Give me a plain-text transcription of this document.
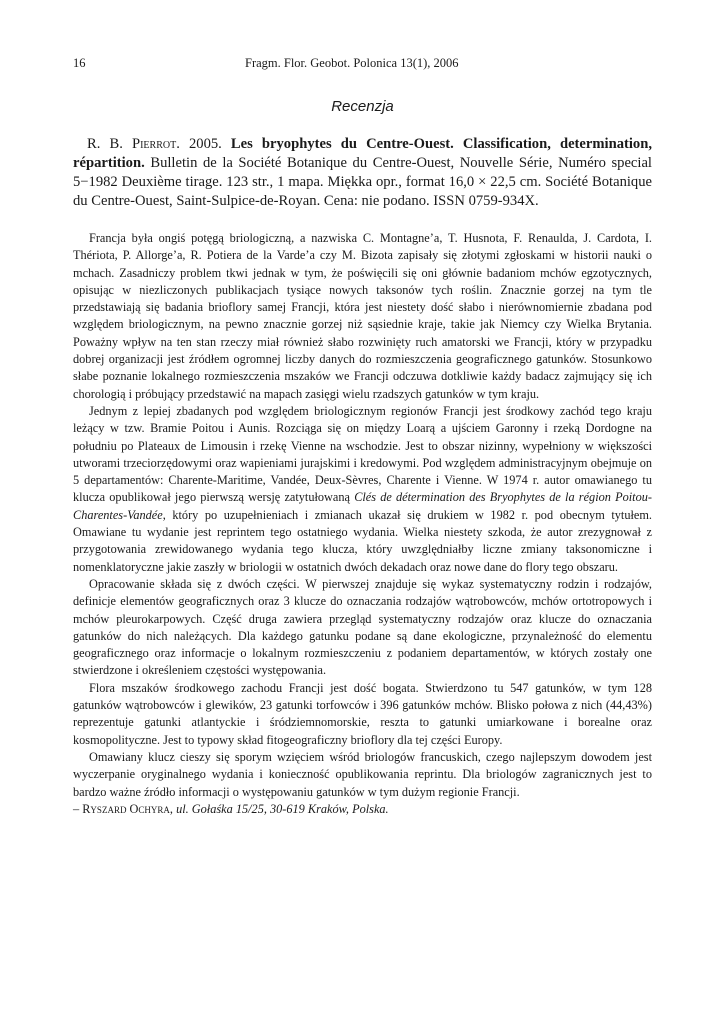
16	Fragm. Flor. Geobot. Polonica 13(1), 2006
Recenzja
R. B. Pierrot. 2005. Les bryophytes du Centre-Ouest. Classification, determination, répartition. Bulletin de la Société Botanique du Centre-Ouest, Nouvelle Série, Numéro special 5−1982 Deuxième tirage. 123 str., 1 mapa. Miękka opr., format 16,0 × 22,5 cm. Société Botanique du Centre-Ouest, Saint-Sulpice-de-Royan. Cena: nie podano. ISSN 0759-934X.

Francja była ongiś potęgą briologiczną, a nazwiska C. Montagne’a, T. Husnota, F. Renaulda, J. Cardota, I. Thériota, P. Allorge’a, R. Potiera de la Varde’a czy M. Bizota zapisały się złotymi zgłoskami w historii nauki o mchach. Zasadniczy problem tkwi jednak w tym, że poświęcili się oni głównie badaniom mchów egzotycznych, opisując w niezliczonych publikacjach tysiące nowych taksonów tych roślin. Znacznie gorzej na tym tle przedstawiają się badania brioflory samej Francji, która jest niestety dość słabo i nierównomiernie zbadana pod względem briologicznym, na pewno znacznie gorzej niż sąsiednie kraje, takie jak Niemcy czy Wielka Brytania. Poważny wpływ na ten stan rzeczy miał również słabo rozwinięty ruch amatorski we Francji, który w przypadku dobrej organizacji jest źródłem ogromnej liczby danych do rozmieszczenia geograficznego gatunków. Stosunkowo słabe poznanie lokalnego rozmieszczenia mszaków we Francji odczuwa dotkliwie każdy badacz zajmujący się ich chorologią i próbujący przedstawić na mapach zasięgi wielu rzadszych gatunków w tym kraju.

Jednym z lepiej zbadanych pod względem briologicznym regionów Francji jest środkowy zachód tego kraju leżący w tzw. Bramie Poitou i Aunis. Rozciąga się on między Loarą a ujściem Garonny i rzeką Dordogne na południu po Plateaux de Limousin i rzekę Vienne na wschodzie. Jest to obszar nizinny, wypełniony w większości utworami trzeciorzędowymi oraz wapieniami jurajskimi i kredowymi. Pod względem administracyjnym obejmuje on 5 departamentów: Charente-Maritime, Vandée, Deux-Sèvres, Charente i Vienne. W 1974 r. autor omawianego tu klucza opublikował jego pierwszą wersję zatytułowaną Clés de détermination des Bryophytes de la région Poitou-Charentes-Vandée, który po uzupełnieniach i zmianach ukazał się drukiem w 1982 r. pod obecnym tytułem. Omawiane tu wydanie jest reprintem tego ostatniego wydania. Wielka niestety szkoda, że autor zrezygnował z przygotowania zrewidowanego wydania tego klucza, który uwzględniałby liczne zmiany taksonomiczne i nomenklatoryczne jakie zaszły w briologii w ostatnich dwóch dekadach oraz nowe dane do flory tego obszaru.

Opracowanie składa się z dwóch części. W pierwszej znajduje się wykaz systematyczny rodzin i rodzajów, definicje elementów geograficznych oraz 3 klucze do oznaczania rodzajów wątrobowców, mchów ortotropowych i mchów pleurokarpowych. Część druga zawiera przegląd systematyczny rodzajów oraz klucze do oznaczania gatunków do nich należących. Dla każdego gatunku podane są dane ekologiczne, przynależność do elementu geograficznego oraz informacje o lokalnym rozmieszczeniu z podaniem departamentów, w których zostały one stwierdzone i określeniem częstości występowania.

Flora mszaków środkowego zachodu Francji jest dość bogata. Stwierdzono tu 547 gatunków, w tym 128 gatunków wątrobowców i glewików, 23 gatunki torfowców i 396 gatunków mchów. Blisko połowa z nich (44,43%) reprezentuje gatunki atlantyckie i śródziemnomorskie, reszta to gatunki umiarkowane i borealne oraz kosmopolityczne. Jest to typowy skład fitogeograficzny brioflory dla tej części Europy.

Omawiany klucz cieszy się sporym wzięciem wśród briologów francuskich, czego najlepszym dowodem jest wyczerpanie oryginalnego wydania i konieczność opublikowania reprintu. Dla briologów zagranicznych jest to bardzo ważne źródło informacji o występowaniu gatunków w tym dużym regionie Francji.
– Ryszard Ochyra, ul. Gołaśka 15/25, 30-619 Kraków, Polska.
